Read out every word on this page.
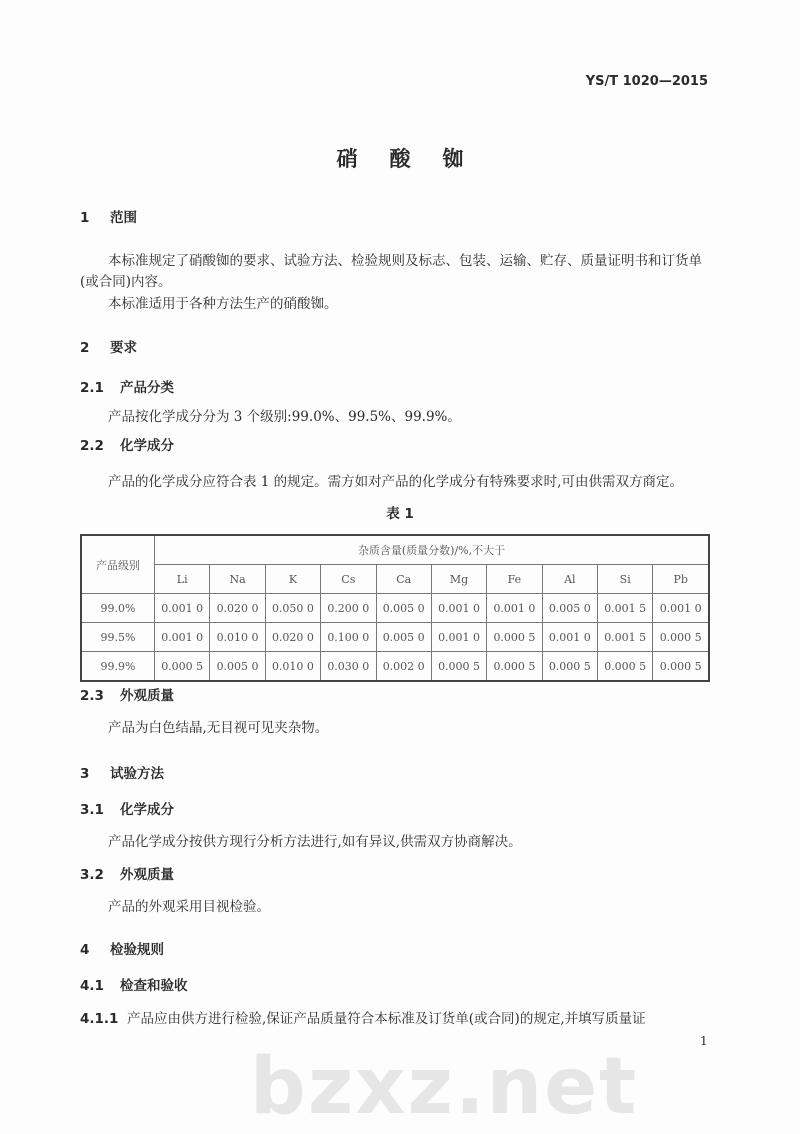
YS/T 1020—2015
硝酸铷
1 范围
本标准规定了硝酸铷的要求、试验方法、检验规则及标志、包装、运输、贮存、质量证明书和订货单
(或合同)内容。
本标准适用于各种方法生产的硝酸铷。
2 要求
2.1 产品分类
产品按化学成分分为 3 个级别:99.0%、99.5%、99.9%。
2.2 化学成分
产品的化学成分应符合表 1 的规定。需方如对产品的化学成分有特殊要求时,可由供需双方商定。
表 1
产品级别	杂质含量(质量分数)/%,不大于									
	Li	Na	K	Cs	Ca	Mg	Fe	Al	Si	Pb
99.0%	0.001 0	0.020 0	0.050 0	0.200 0	0.005 0	0.001 0	0.001 0	0.005 0	0.001 5	0.001 0
99.5%	0.001 0	0.010 0	0.020 0	0.100 0	0.005 0	0.001 0	0.000 5	0.001 0	0.001 5	0.000 5
99.9%	0.000 5	0.005 0	0.010 0	0.030 0	0.002 0	0.000 5	0.000 5	0.000 5	0.000 5	0.000 5
2.3 外观质量
产品为白色结晶,无目视可见夹杂物。
3 试验方法
3.1 化学成分
产品化学成分按供方现行分析方法进行,如有异议,供需双方协商解决。
3.2 外观质量
产品的外观采用目视检验。
4 检验规则
4.1 检查和验收
4.1.1 产品应由供方进行检验,保证产品质量符合本标准及订货单(或合同)的规定,并填写质量证
bzxz.net
1
